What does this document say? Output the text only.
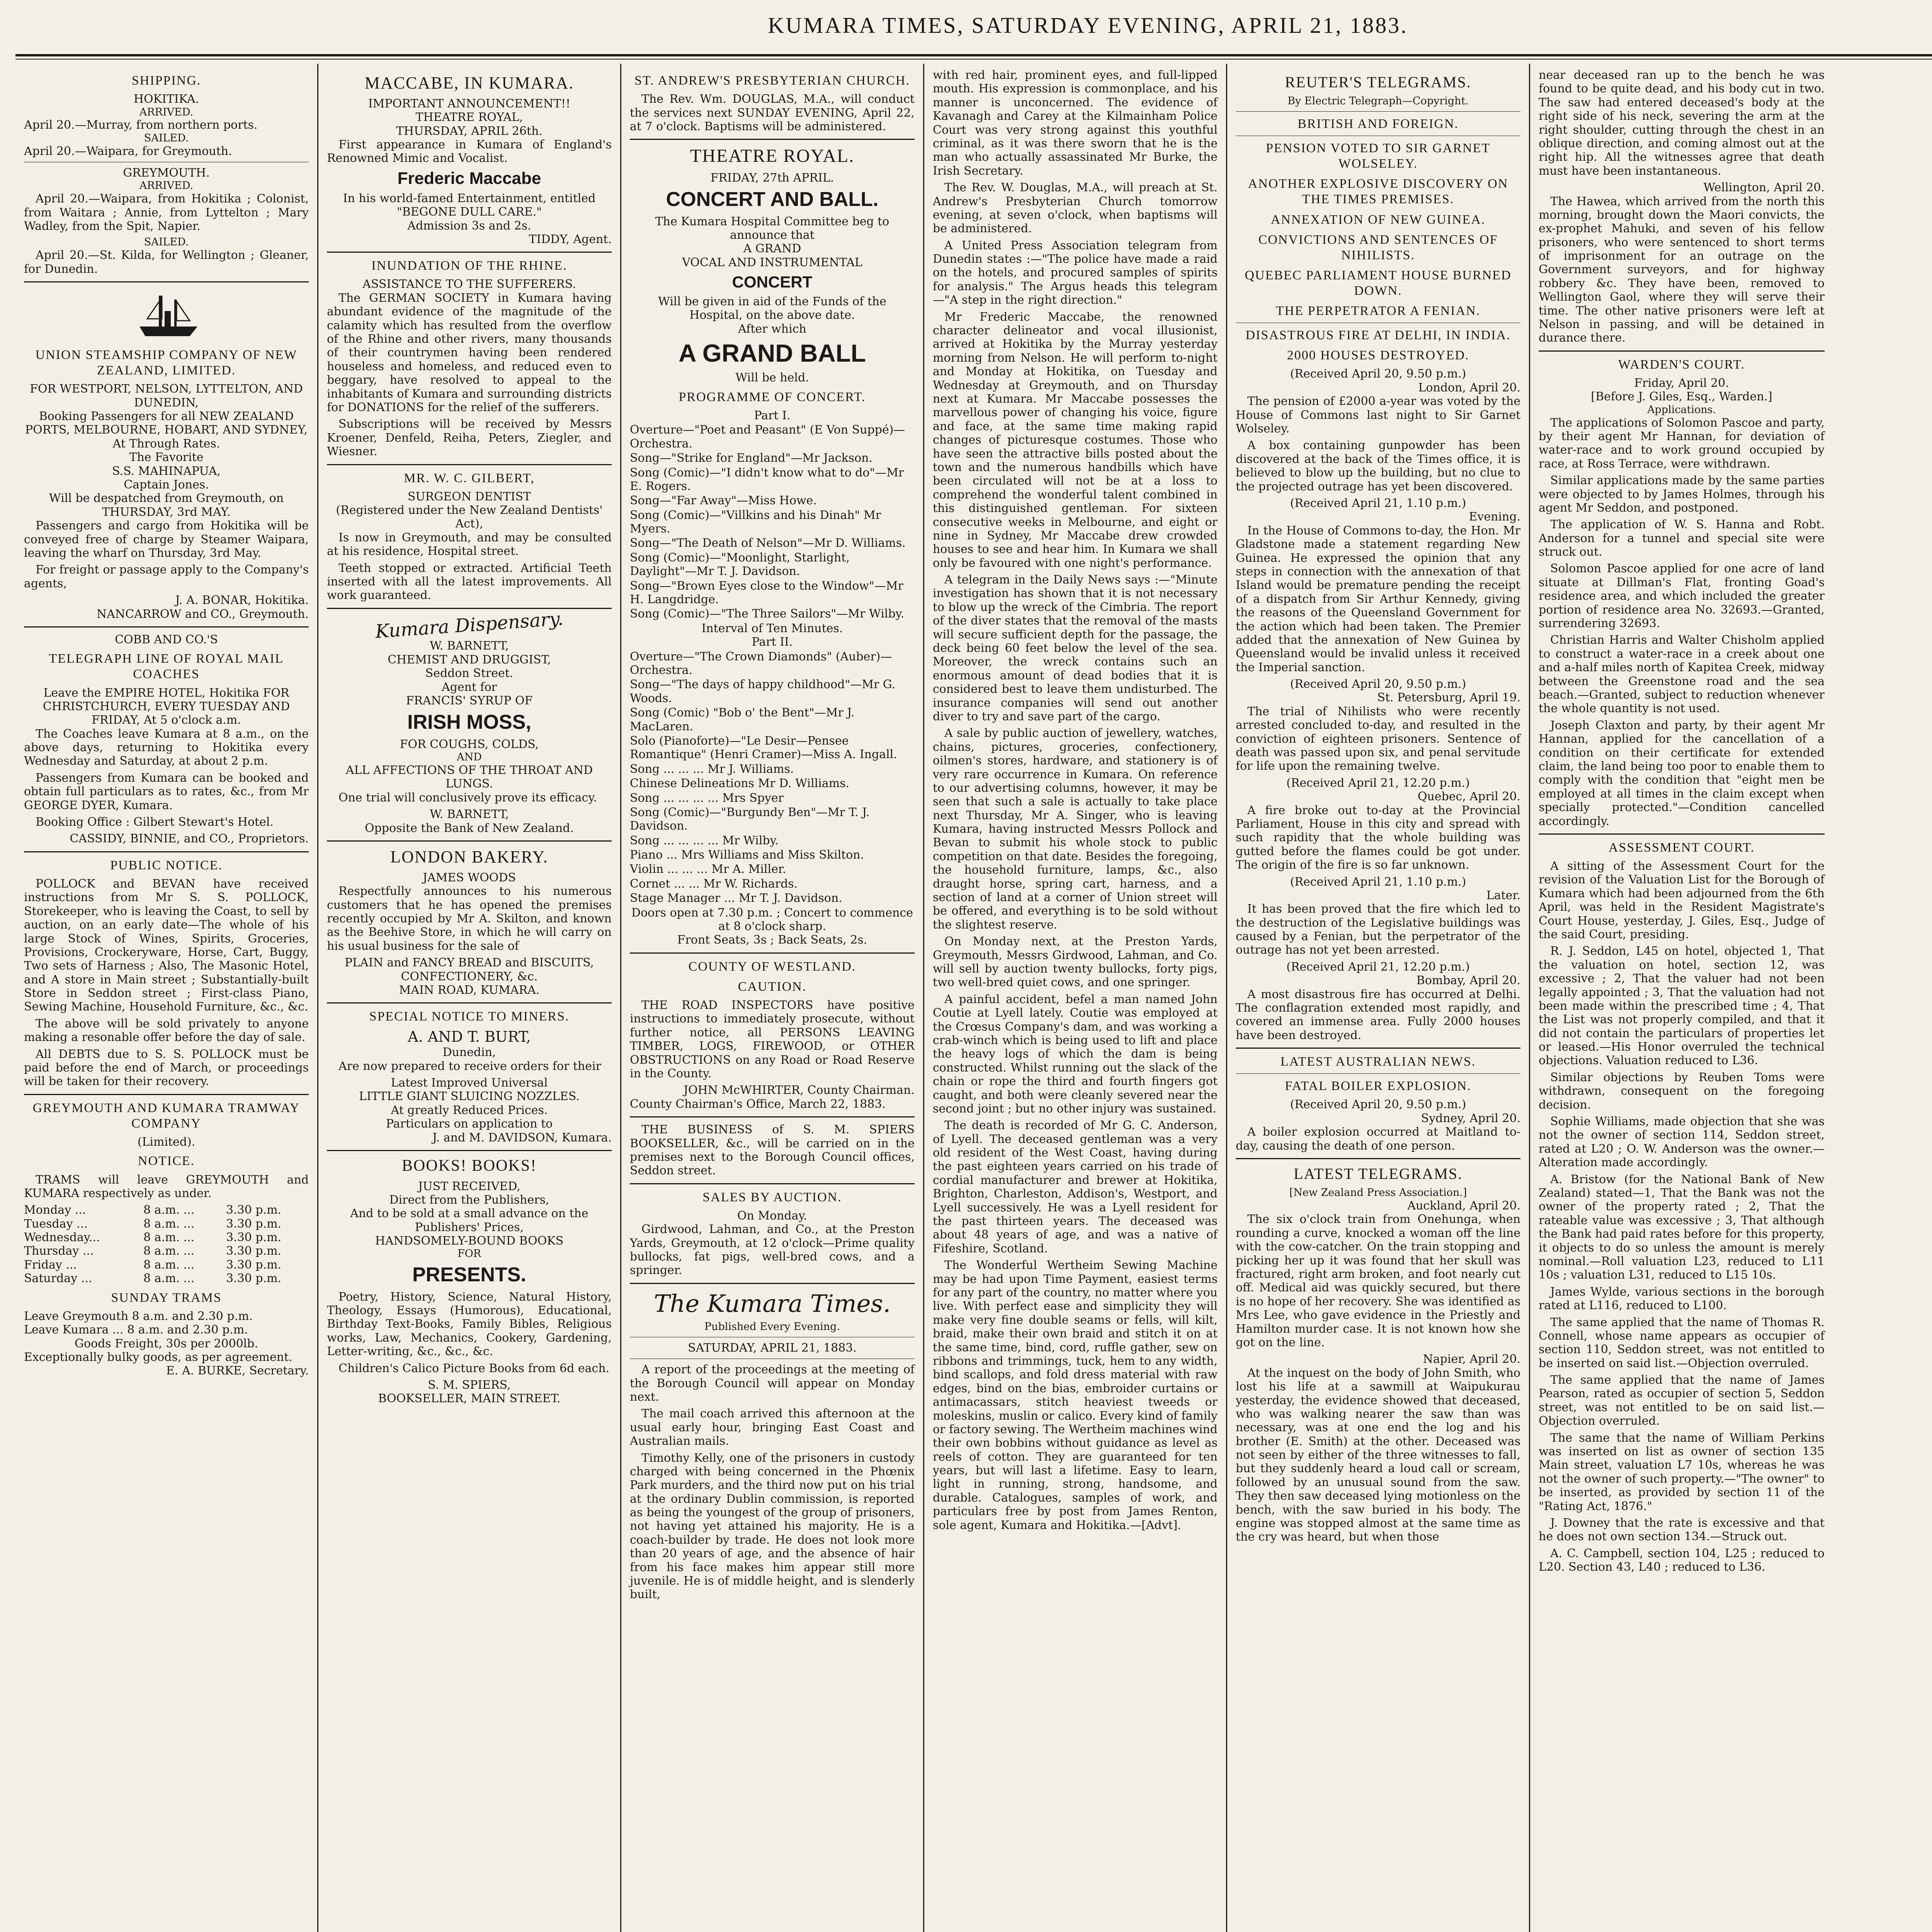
KUMARA TIMES, SATURDAY EVENING, APRIL 21, 1883.
SHIPPING.
HOKITIKA.
ARRIVED.
April 20.—Murray, from northern ports.
SAILED.
April 20.—Waipara, for Greymouth.
GREYMOUTH.
ARRIVED.

April 20.—Waipara, from Hokitika ; Colonist, from Waitara ; Annie, from Lyttelton ; Mary Wadley, from the Spit, Napier.

SAILED.

April 20.—St. Kilda, for Wellington ; Gleaner, for Dunedin.

UNION STEAMSHIP COMPANY OF NEW ZEALAND, LIMITED.
FOR WESTPORT, NELSON, LYTTELTON, AND DUNEDIN,
Booking Passengers for all NEW ZEALAND PORTS, MELBOURNE, HOBART, AND SYDNEY,
At Through Rates.
The Favorite
S.S. MAHINAPUA,
Captain Jones.
Will be despatched from Greymouth, on THURSDAY, 3rd MAY.

Passengers and cargo from Hokitika will be conveyed free of charge by Steamer Waipara, leaving the wharf on Thursday, 3rd May.

For freight or passage apply to the Company's agents,

J. A. BONAR, Hokitika.
NANCARROW and CO., Greymouth.
COBB AND CO.'S
TELEGRAPH LINE OF ROYAL MAIL COACHES
Leave the EMPIRE HOTEL, Hokitika FOR CHRISTCHURCH, EVERY TUESDAY AND FRIDAY, At 5 o'clock a.m.

The Coaches leave Kumara at 8 a.m., on the above days, returning to Hokitika every Wednesday and Saturday, at about 2 p.m.

Passengers from Kumara can be booked and obtain full particulars as to rates, &c., from Mr GEORGE DYER, Kumara.

Booking Office : Gilbert Stewart's Hotel.

CASSIDY, BINNIE, and CO., Proprietors.
PUBLIC NOTICE.

POLLOCK and BEVAN have received instructions from Mr S. S. POLLOCK, Storekeeper, who is leaving the Coast, to sell by auction, on an early date—The whole of his large Stock of Wines, Spirits, Groceries, Provisions, Crockeryware, Horse, Cart, Buggy, Two sets of Harness ; Also, The Masonic Hotel, and A store in Main street ; Substantially-built Store in Seddon street ; First-class Piano, Sewing Machine, Household Furniture, &c., &c.

The above will be sold privately to anyone making a resonable offer before the day of sale.

All DEBTS due to S. S. POLLOCK must be paid before the end of March, or proceedings will be taken for their recovery.

GREYMOUTH AND KUMARA TRAMWAY COMPANY
(Limited).
NOTICE.

TRAMS will leave GREYMOUTH and KUMARA respectively as under.

Monday ...	8 a.m. ...	3.30 p.m.
Tuesday ...	8 a.m. ...	3.30 p.m.
Wednesday...	8 a.m. ...	3.30 p.m.
Thursday ...	8 a.m. ...	3.30 p.m.
Friday ...	8 a.m. ...	3.30 p.m.
Saturday ...	8 a.m. ...	3.30 p.m.
SUNDAY TRAMS
Leave Greymouth 8 a.m. and 2.30 p.m.
Leave Kumara ... 8 a.m. and 2.30 p.m.
Goods Freight, 30s per 2000lb.
Exceptionally bulky goods, as per agreement.
E. A. BURKE, Secretary.
MACCABE, IN KUMARA.
IMPORTANT ANNOUNCEMENT!!
THEATRE ROYAL,
THURSDAY, APRIL 26th.

First appearance in Kumara of England's Renowned Mimic and Vocalist.

Frederic Maccabe
In his world-famed Entertainment, entitled
"BEGONE DULL CARE."
Admission 3s and 2s.
TIDDY, Agent.
INUNDATION OF THE RHINE.
ASSISTANCE TO THE SUFFERERS.

The GERMAN SOCIETY in Kumara having abundant evidence of the magnitude of the calamity which has resulted from the overflow of the Rhine and other rivers, many thousands of their countrymen having been rendered houseless and homeless, and reduced even to beggary, have resolved to appeal to the inhabitants of Kumara and surrounding districts for DONATIONS for the relief of the sufferers.

Subscriptions will be received by Messrs Kroener, Denfeld, Reiha, Peters, Ziegler, and Wiesner.

MR. W. C. GILBERT,
SURGEON DENTIST
(Registered under the New Zealand Dentists' Act),

Is now in Greymouth, and may be consulted at his residence, Hospital street.

Teeth stopped or extracted. Artificial Teeth inserted with all the latest improvements. All work guaranteed.

Kumara Dispensary.
W. BARNETT,
CHEMIST AND DRUGGIST,
Seddon Street.
Agent for
FRANCIS' SYRUP OF
IRISH MOSS,
FOR COUGHS, COLDS,
AND
ALL AFFECTIONS OF THE THROAT AND LUNGS.

One trial will conclusively prove its efficacy.

W. BARNETT,
Opposite the Bank of New Zealand.
LONDON BAKERY.
JAMES WOODS

Respectfully announces to his numerous customers that he has opened the premises recently occupied by Mr A. Skilton, and known as the Beehive Store, in which he will carry on his usual business for the sale of

PLAIN and FANCY BREAD and BISCUITS,
CONFECTIONERY, &c.
MAIN ROAD, KUMARA.
SPECIAL NOTICE TO MINERS.
A. AND T. BURT,
Dunedin,

Are now prepared to receive orders for their

Latest Improved Universal
LITTLE GIANT SLUICING NOZZLES.
At greatly Reduced Prices.
Particulars on application to
J. and M. DAVIDSON, Kumara.
BOOKS! BOOKS!
JUST RECEIVED,
Direct from the Publishers,
And to be sold at a small advance on the Publishers' Prices,
HANDSOMELY-BOUND BOOKS
FOR
PRESENTS.

Poetry, History, Science, Natural History, Theology, Essays (Humorous), Educational, Birthday Text-Books, Family Bibles, Religious works, Law, Mechanics, Cookery, Gardening, Letter-writing, &c., &c., &c.

Children's Calico Picture Books from 6d each.

S. M. SPIERS,
BOOKSELLER, MAIN STREET.
ST. ANDREW'S PRESBYTERIAN CHURCH.

The Rev. Wm. DOUGLAS, M.A., will conduct the services next SUNDAY EVENING, April 22, at 7 o'clock. Baptisms will be administered.

THEATRE ROYAL.
FRIDAY, 27th APRIL.
CONCERT AND BALL.
The Kumara Hospital Committee beg to announce that
A GRAND
VOCAL AND INSTRUMENTAL
CONCERT
Will be given in aid of the Funds of the Hospital, on the above date.
After which
A GRAND BALL
Will be held.
PROGRAMME OF CONCERT.
Part I.
Overture—"Poet and Peasant" (E Von Suppé)—Orchestra.
Song—"Strike for England"—Mr Jackson.
Song (Comic)—"I didn't know what to do"—Mr E. Rogers.
Song—"Far Away"—Miss Howe.
Song (Comic)—"Villkins and his Dinah" Mr Myers.
Song—"The Death of Nelson"—Mr D. Williams.
Song (Comic)—"Moonlight, Starlight, Daylight"—Mr T. J. Davidson.
Song—"Brown Eyes close to the Window"—Mr H. Langdridge.
Song (Comic)—"The Three Sailors"—Mr Wilby.
Interval of Ten Minutes.
Part II.
Overture—"The Crown Diamonds" (Auber)—Orchestra.
Song—"The days of happy childhood"—Mr G. Woods.
Song (Comic) "Bob o' the Bent"—Mr J. MacLaren.
Solo (Pianoforte)—"Le Desir—Pensee Romantique" (Henri Cramer)—Miss A. Ingall.
Song ... ... ... Mr J. Williams.
Chinese Delineations Mr D. Williams.
Song ... ... ... ... Mrs Spyer
Song (Comic)—"Burgundy Ben"—Mr T. J. Davidson.
Song ... ... ... ... Mr Wilby.
Piano ... Mrs Williams and Miss Skilton.
Violin ... ... ... Mr A. Miller.
Cornet ... ... Mr W. Richards.
Stage Manager ... Mr T. J. Davidson.
Doors open at 7.30 p.m. ; Concert to commence at 8 o'clock sharp.
Front Seats, 3s ; Back Seats, 2s.
COUNTY OF WESTLAND.
CAUTION.

THE ROAD INSPECTORS have positive instructions to immediately prosecute, without further notice, all PERSONS LEAVING TIMBER, LOGS, FIREWOOD, or OTHER OBSTRUCTIONS on any Road or Road Reserve in the County.

JOHN McWHIRTER, County Chairman.
County Chairman's Office, March 22, 1883.

THE BUSINESS of S. M. SPIERS BOOKSELLER, &c., will be carried on in the premises next to the Borough Council offices, Seddon street.

SALES BY AUCTION.
On Monday.

Girdwood, Lahman, and Co., at the Preston Yards, Greymouth, at 12 o'clock—Prime quality bullocks, fat pigs, well-bred cows, and a springer.

The Kumara Times.
Published Every Evening.
SATURDAY, APRIL 21, 1883.

A report of the proceedings at the meeting of the Borough Council will appear on Monday next.

The mail coach arrived this afternoon at the usual early hour, bringing East Coast and Australian mails.

Timothy Kelly, one of the prisoners in custody charged with being concerned in the Phœnix Park murders, and the third now put on his trial at the ordinary Dublin commission, is reported as being the youngest of the group of prisoners, not having yet attained his majority. He is a coach-builder by trade. He does not look more than 20 years of age, and the absence of hair from his face makes him appear still more juvenile. He is of middle height, and is slenderly built,

with red hair, prominent eyes, and full-lipped mouth. His expression is commonplace, and his manner is unconcerned. The evidence of Kavanagh and Carey at the Kilmainham Police Court was very strong against this youthful criminal, as it was there sworn that he is the man who actually assassinated Mr Burke, the Irish Secretary.

The Rev. W. Douglas, M.A., will preach at St. Andrew's Presbyterian Church tomorrow evening, at seven o'clock, when baptisms will be administered.

A United Press Association telegram from Dunedin states :—"The police have made a raid on the hotels, and procured samples of spirits for analysis." The Argus heads this telegram—"A step in the right direction."

Mr Frederic Maccabe, the renowned character delineator and vocal illusionist, arrived at Hokitika by the Murray yesterday morning from Nelson. He will perform to-night and Monday at Hokitika, on Tuesday and Wednesday at Greymouth, and on Thursday next at Kumara. Mr Maccabe possesses the marvellous power of changing his voice, figure and face, at the same time making rapid changes of picturesque costumes. Those who have seen the attractive bills posted about the town and the numerous handbills which have been circulated will not be at a loss to comprehend the wonderful talent combined in this distinguished gentleman. For sixteen consecutive weeks in Melbourne, and eight or nine in Sydney, Mr Maccabe drew crowded houses to see and hear him. In Kumara we shall only be favoured with one night's performance.

A telegram in the Daily News says :—"Minute investigation has shown that it is not necessary to blow up the wreck of the Cimbria. The report of the diver states that the removal of the masts will secure sufficient depth for the passage, the deck being 60 feet below the level of the sea. Moreover, the wreck contains such an enormous amount of dead bodies that it is considered best to leave them undisturbed. The insurance companies will send out another diver to try and save part of the cargo.

A sale by public auction of jewellery, watches, chains, pictures, groceries, confectionery, oilmen's stores, hardware, and stationery is of very rare occurrence in Kumara. On reference to our advertising columns, however, it may be seen that such a sale is actually to take place next Thursday, Mr A. Singer, who is leaving Kumara, having instructed Messrs Pollock and Bevan to submit his whole stock to public competition on that date. Besides the foregoing, the household furniture, lamps, &c., also draught horse, spring cart, harness, and a section of land at a corner of Union street will be offered, and everything is to be sold without the slightest reserve.

On Monday next, at the Preston Yards, Greymouth, Messrs Girdwood, Lahman, and Co. will sell by auction twenty bullocks, forty pigs, two well-bred quiet cows, and one springer.

A painful accident, befel a man named John Coutie at Lyell lately. Coutie was employed at the Crœsus Company's dam, and was working a crab-winch which is being used to lift and place the heavy logs of which the dam is being constructed. Whilst running out the slack of the chain or rope the third and fourth fingers got caught, and both were cleanly severed near the second joint ; but no other injury was sustained.

The death is recorded of Mr G. C. Anderson, of Lyell. The deceased gentleman was a very old resident of the West Coast, having during the past eighteen years carried on his trade of cordial manufacturer and brewer at Hokitika, Brighton, Charleston, Addison's, Westport, and Lyell successively. He was a Lyell resident for the past thirteen years. The deceased was about 48 years of age, and was a native of Fifeshire, Scotland.

The Wonderful Wertheim Sewing Machine may be had upon Time Payment, easiest terms for any part of the country, no matter where you live. With perfect ease and simplicity they will make very fine double seams or fells, will kilt, braid, make their own braid and stitch it on at the same time, bind, cord, ruffle gather, sew on ribbons and trimmings, tuck, hem to any width, bind scallops, and fold dress material with raw edges, bind on the bias, embroider curtains or antimacassars, stitch heaviest tweeds or moleskins, muslin or calico. Every kind of family or factory sewing. The Wertheim machines wind their own bobbins without guidance as level as reels of cotton. They are guaranteed for ten years, but will last a lifetime. Easy to learn, light in running, strong, handsome, and durable. Catalogues, samples of work, and particulars free by post from James Renton, sole agent, Kumara and Hokitika.—[Advt].

REUTER'S TELEGRAMS.
By Electric Telegraph—Copyright.
BRITISH AND FOREIGN.
PENSION VOTED TO SIR GARNET WOLSELEY.
ANOTHER EXPLOSIVE DISCOVERY ON THE TIMES PREMISES.
ANNEXATION OF NEW GUINEA.
CONVICTIONS AND SENTENCES OF NIHILISTS.
QUEBEC PARLIAMENT HOUSE BURNED DOWN.
THE PERPETRATOR A FENIAN.
DISASTROUS FIRE AT DELHI, IN INDIA.
2000 HOUSES DESTROYED.
(Received April 20, 9.50 p.m.)
London, April 20.

The pension of £2000 a-year was voted by the House of Commons last night to Sir Garnet Wolseley.

A box containing gunpowder has been discovered at the back of the Times office, it is believed to blow up the building, but no clue to the projected outrage has yet been discovered.

(Received April 21, 1.10 p.m.)
Evening.

In the House of Commons to-day, the Hon. Mr Gladstone made a statement regarding New Guinea. He expressed the opinion that any steps in connection with the annexation of that Island would be premature pending the receipt of a dispatch from Sir Arthur Kennedy, giving the reasons of the Queensland Government for the action which had been taken. The Premier added that the annexation of New Guinea by Queensland would be invalid unless it received the Imperial sanction.

(Received April 20, 9.50 p.m.)
St. Petersburg, April 19.

The trial of Nihilists who were recently arrested concluded to-day, and resulted in the conviction of eighteen prisoners. Sentence of death was passed upon six, and penal servitude for life upon the remaining twelve.

(Received April 21, 12.20 p.m.)
Quebec, April 20.

A fire broke out to-day at the Provincial Parliament, House in this city and spread with such rapidity that the whole building was gutted before the flames could be got under. The origin of the fire is so far unknown.

(Received April 21, 1.10 p.m.)
Later.

It has been proved that the fire which led to the destruction of the Legislative buildings was caused by a Fenian, but the perpetrator of the outrage has not yet been arrested.

(Received April 21, 12.20 p.m.)
Bombay, April 20.

A most disastrous fire has occurred at Delhi. The conflagration extended most rapidly, and covered an immense area. Fully 2000 houses have been destroyed.

LATEST AUSTRALIAN NEWS.
FATAL BOILER EXPLOSION.
(Received April 20, 9.50 p.m.)
Sydney, April 20.

A boiler explosion occurred at Maitland to-day, causing the death of one person.

LATEST TELEGRAMS.
[New Zealand Press Association.]
Auckland, April 20.

The six o'clock train from Onehunga, when rounding a curve, knocked a woman off the line with the cow-catcher. On the train stopping and picking her up it was found that her skull was fractured, right arm broken, and foot nearly cut off. Medical aid was quickly secured, but there is no hope of her recovery. She was identified as Mrs Lee, who gave evidence in the Priestly and Hamilton murder case. It is not known how she got on the line.

Napier, April 20.

At the inquest on the body of John Smith, who lost his life at a sawmill at Waipukurau yesterday, the evidence showed that deceased, who was walking nearer the saw than was necessary, was at one end the log and his brother (E. Smith) at the other. Deceased was not seen by either of the three witnesses to fall, but they suddenly heard a loud call or scream, followed by an unusual sound from the saw. They then saw deceased lying motionless on the bench, with the saw buried in his body. The engine was stopped almost at the same time as the cry was heard, but when those

near deceased ran up to the bench he was found to be quite dead, and his body cut in two. The saw had entered deceased's body at the right side of his neck, severing the arm at the right shoulder, cutting through the chest in an oblique direction, and coming almost out at the right hip. All the witnesses agree that death must have been instantaneous.

Wellington, April 20.

The Hawea, which arrived from the north this morning, brought down the Maori convicts, the ex-prophet Mahuki, and seven of his fellow prisoners, who were sentenced to short terms of imprisonment for an outrage on the Government surveyors, and for highway robbery &c. They have been, removed to Wellington Gaol, where they will serve their time. The other native prisoners were left at Nelson in passing, and will be detained in durance there.

WARDEN'S COURT.
Friday, April 20.
[Before J. Giles, Esq., Warden.]
Applications.

The applications of Solomon Pascoe and party, by their agent Mr Hannan, for deviation of water-race and to work ground occupied by race, at Ross Terrace, were withdrawn.

Similar applications made by the same parties were objected to by James Holmes, through his agent Mr Seddon, and postponed.

The application of W. S. Hanna and Robt. Anderson for a tunnel and special site were struck out.

Solomon Pascoe applied for one acre of land situate at Dillman's Flat, fronting Goad's residence area, and which included the greater portion of residence area No. 32693.—Granted, surrendering 32693.

Christian Harris and Walter Chisholm applied to construct a water-race in a creek about one and a-half miles north of Kapitea Creek, midway between the Greenstone road and the sea beach.—Granted, subject to reduction whenever the whole quantity is not used.

Joseph Claxton and party, by their agent Mr Hannan, applied for the cancellation of a condition on their certificate for extended claim, the land being too poor to enable them to comply with the condition that "eight men be employed at all times in the claim except when specially protected."—Condition cancelled accordingly.

ASSESSMENT COURT.

A sitting of the Assessment Court for the revision of the Valuation List for the Borough of Kumara which had been adjourned from the 6th April, was held in the Resident Magistrate's Court House, yesterday, J. Giles, Esq., Judge of the said Court, presiding.

R. J. Seddon, L45 on hotel, objected 1, That the valuation on hotel, section 12, was excessive ; 2, That the valuer had not been legally appointed ; 3, That the valuation had not been made within the prescribed time ; 4, That the List was not properly compiled, and that it did not contain the particulars of properties let or leased.—His Honor overruled the technical objections. Valuation reduced to L36.

Similar objections by Reuben Toms were withdrawn, consequent on the foregoing decision.

Sophie Williams, made objection that she was not the owner of section 114, Seddon street, rated at L20 ; O. W. Anderson was the owner.—Alteration made accordingly.

A. Bristow (for the National Bank of New Zealand) stated—1, That the Bank was not the owner of the property rated ; 2, That the rateable value was excessive ; 3, That although the Bank had paid rates before for this property, it objects to do so unless the amount is merely nominal.—Roll valuation L23, reduced to L11 10s ; valuation L31, reduced to L15 10s.

James Wylde, various sections in the borough rated at L116, reduced to L100.

The same applied that the name of Thomas R. Connell, whose name appears as occupier of section 110, Seddon street, was not entitled to be inserted on said list.—Objection overruled.

The same applied that the name of James Pearson, rated as occupier of section 5, Seddon street, was not entitled to be on said list.—Objection overruled.

The same that the name of William Perkins was inserted on list as owner of section 135 Main street, valuation L7 10s, whereas he was not the owner of such property.—"The owner" to be inserted, as provided by section 11 of the "Rating Act, 1876."

J. Downey that the rate is excessive and that he does not own section 134.—Struck out.

A. C. Campbell, section 104, L25 ; reduced to L20. Section 43, L40 ; reduced to L36.
